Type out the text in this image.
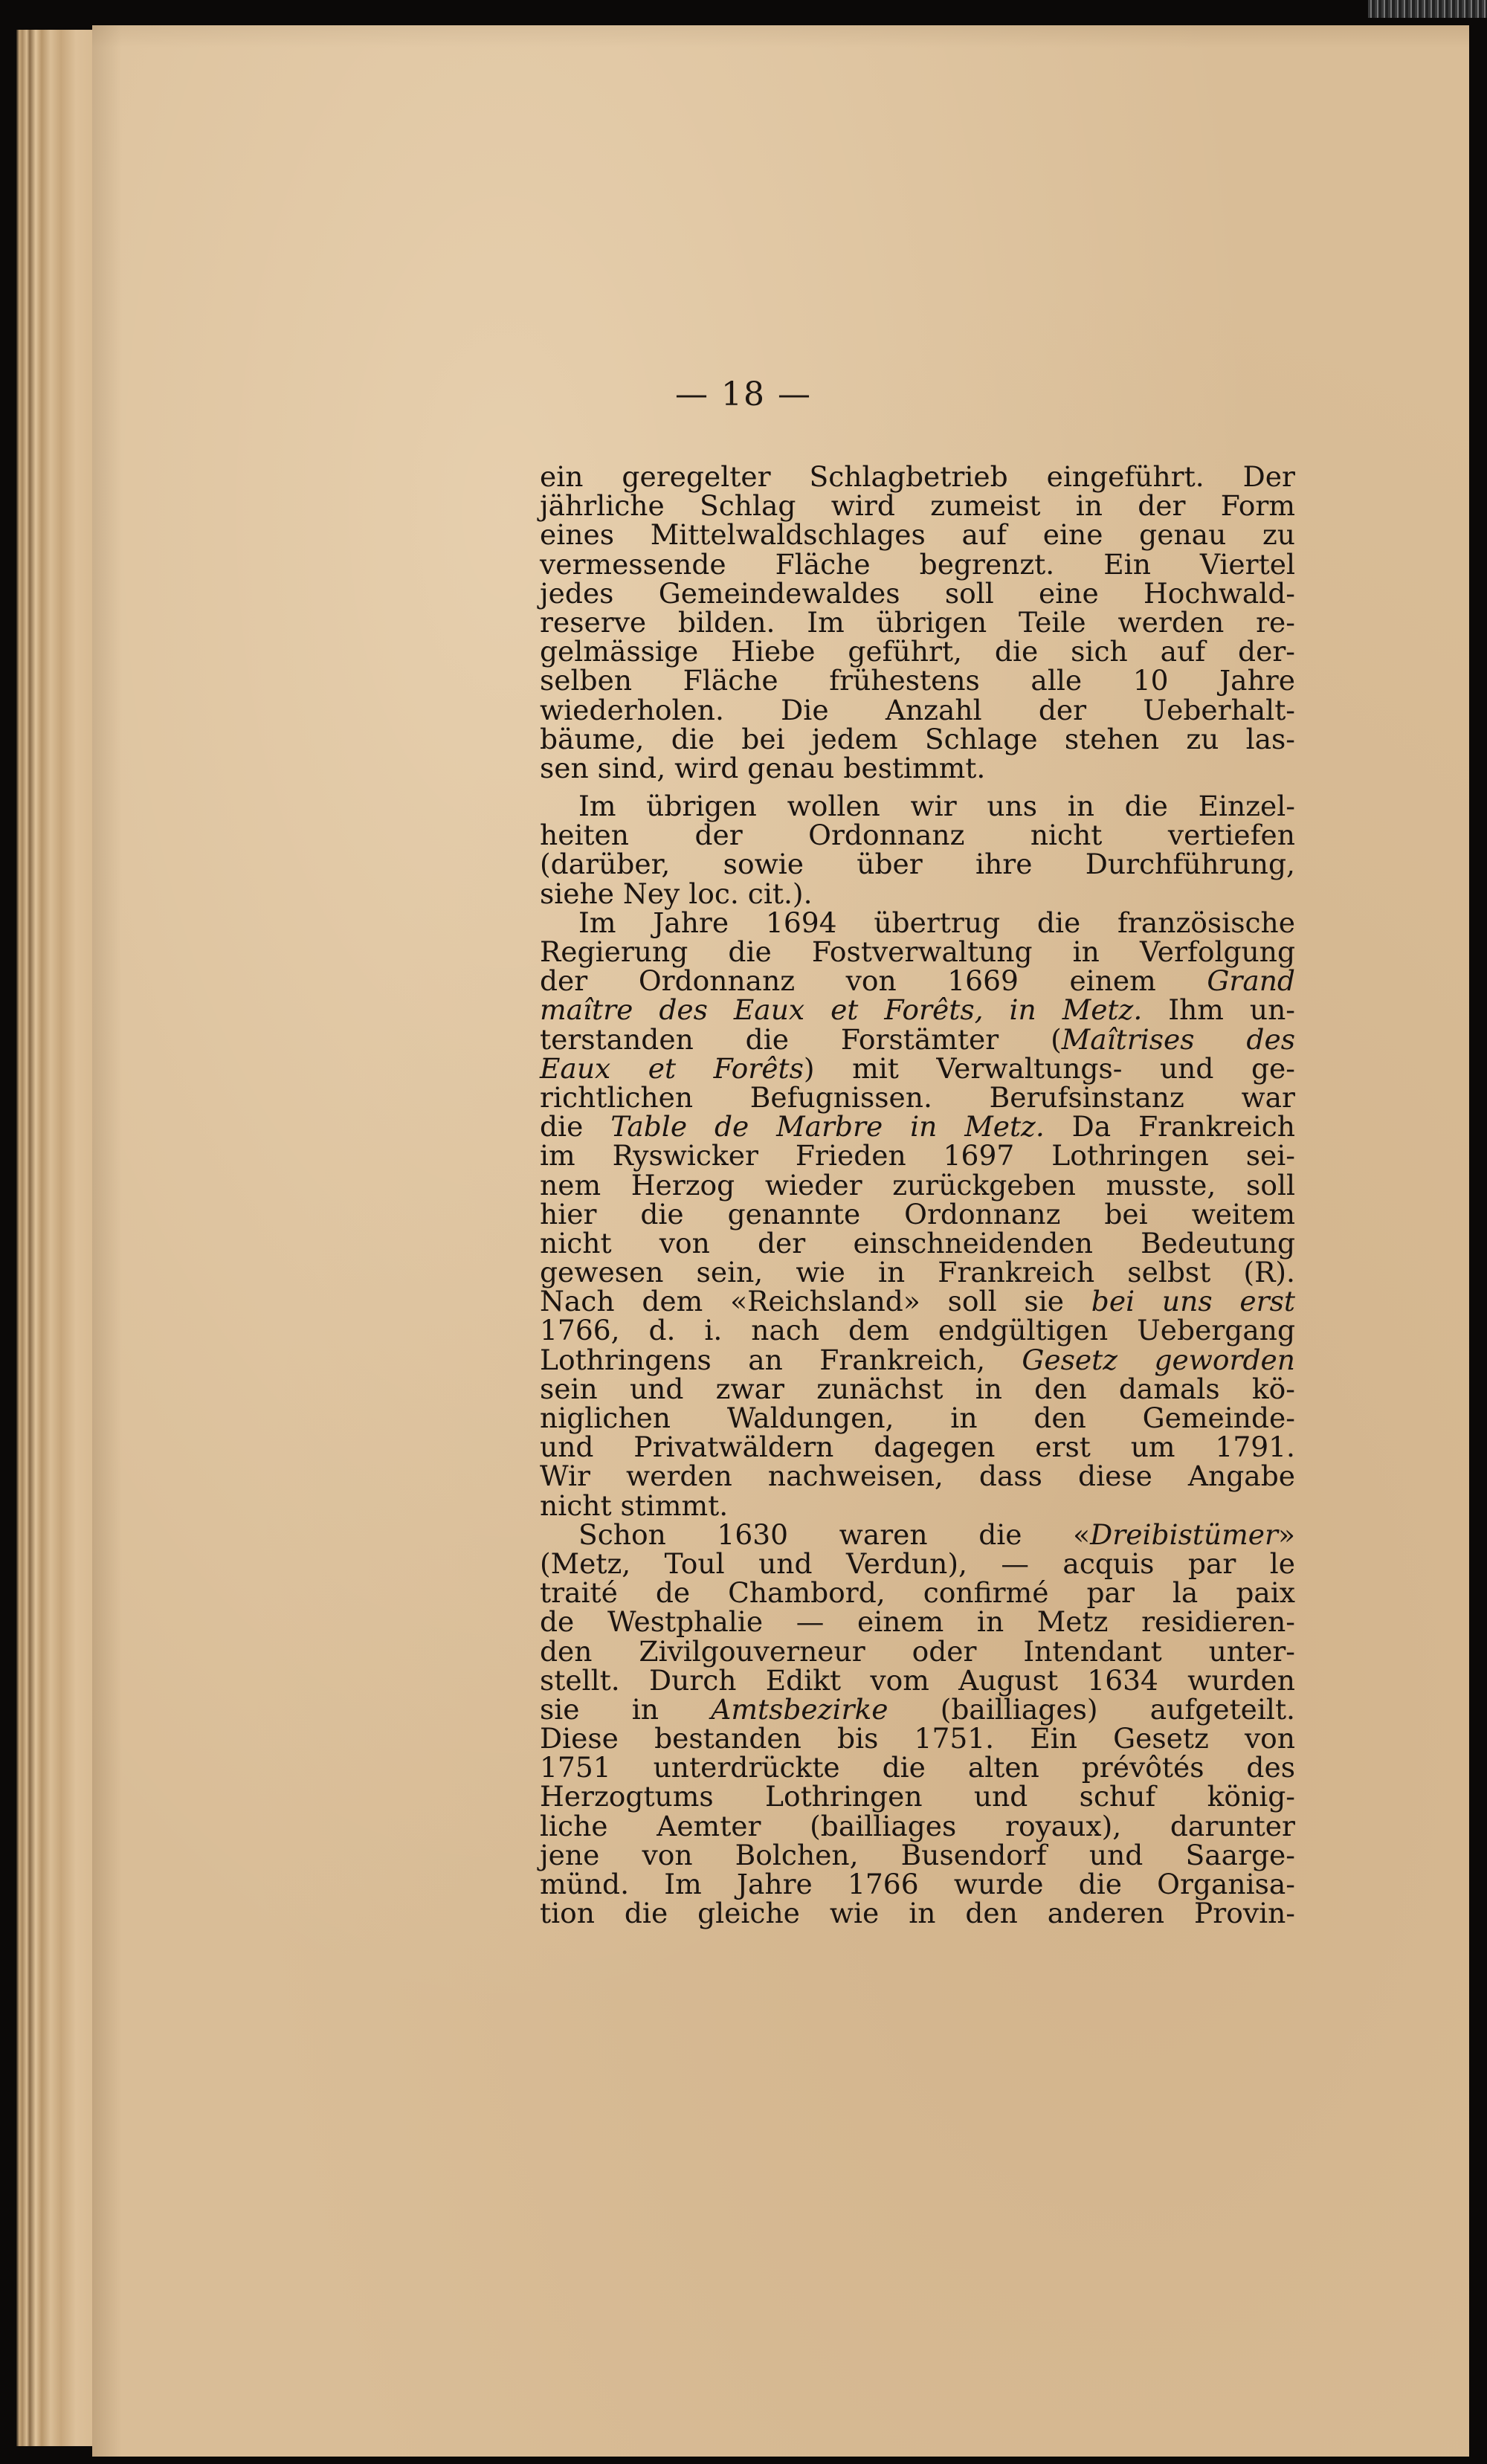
— 18 —
ein geregelter Schlagbetrieb eingeführt. Der
jährliche Schlag wird zumeist in der Form
eines Mittelwaldschlages auf eine genau zu
vermessende Fläche begrenzt. Ein Viertel
jedes Gemeindewaldes soll eine Hochwald-
reserve bilden. Im übrigen Teile werden re-
gelmässige Hiebe geführt, die sich auf der-
selben Fläche frühestens alle 10 Jahre
wiederholen. Die Anzahl der Ueberhalt-
bäume, die bei jedem Schlage stehen zu las-
sen sind, wird genau bestimmt.
Im übrigen wollen wir uns in die Einzel-
heiten der Ordonnanz nicht vertiefen
(darüber, sowie über ihre Durchführung,
siehe Ney loc. cit.).
Im Jahre 1694 übertrug die französische
Regierung die Fostverwaltung in Verfolgung
der Ordonnanz von 1669 einem Grand
maître des Eaux et Forêts, in Metz. Ihm un-
terstanden die Forstämter (Maîtrises des
Eaux et Forêts) mit Verwaltungs- und ge-
richtlichen Befugnissen. Berufsinstanz war
die Table de Marbre in Metz. Da Frankreich
im Ryswicker Frieden 1697 Lothringen sei-
nem Herzog wieder zurückgeben musste, soll
hier die genannte Ordonnanz bei weitem
nicht von der einschneidenden Bedeutung
gewesen sein, wie in Frankreich selbst (R).
Nach dem «Reichsland» soll sie bei uns erst
1766, d. i. nach dem endgültigen Uebergang
Lothringens an Frankreich, Gesetz geworden
sein und zwar zunächst in den damals kö-
niglichen Waldungen, in den Gemeinde-
und Privatwäldern dagegen erst um 1791.
Wir werden nachweisen, dass diese Angabe
nicht stimmt.
Schon 1630 waren die «Dreibistümer»
(Metz, Toul und Verdun), — acquis par le
traité de Chambord, confirmé par la paix
de Westphalie — einem in Metz residieren-
den Zivilgouverneur oder Intendant unter-
stellt. Durch Edikt vom August 1634 wurden
sie in Amtsbezirke (bailliages) aufgeteilt.
Diese bestanden bis 1751. Ein Gesetz von
1751 unterdrückte die alten prévôtés des
Herzogtums Lothringen und schuf könig-
liche Aemter (bailliages royaux), darunter
jene von Bolchen, Busendorf und Saarge-
münd. Im Jahre 1766 wurde die Organisa-
tion die gleiche wie in den anderen Provin-
